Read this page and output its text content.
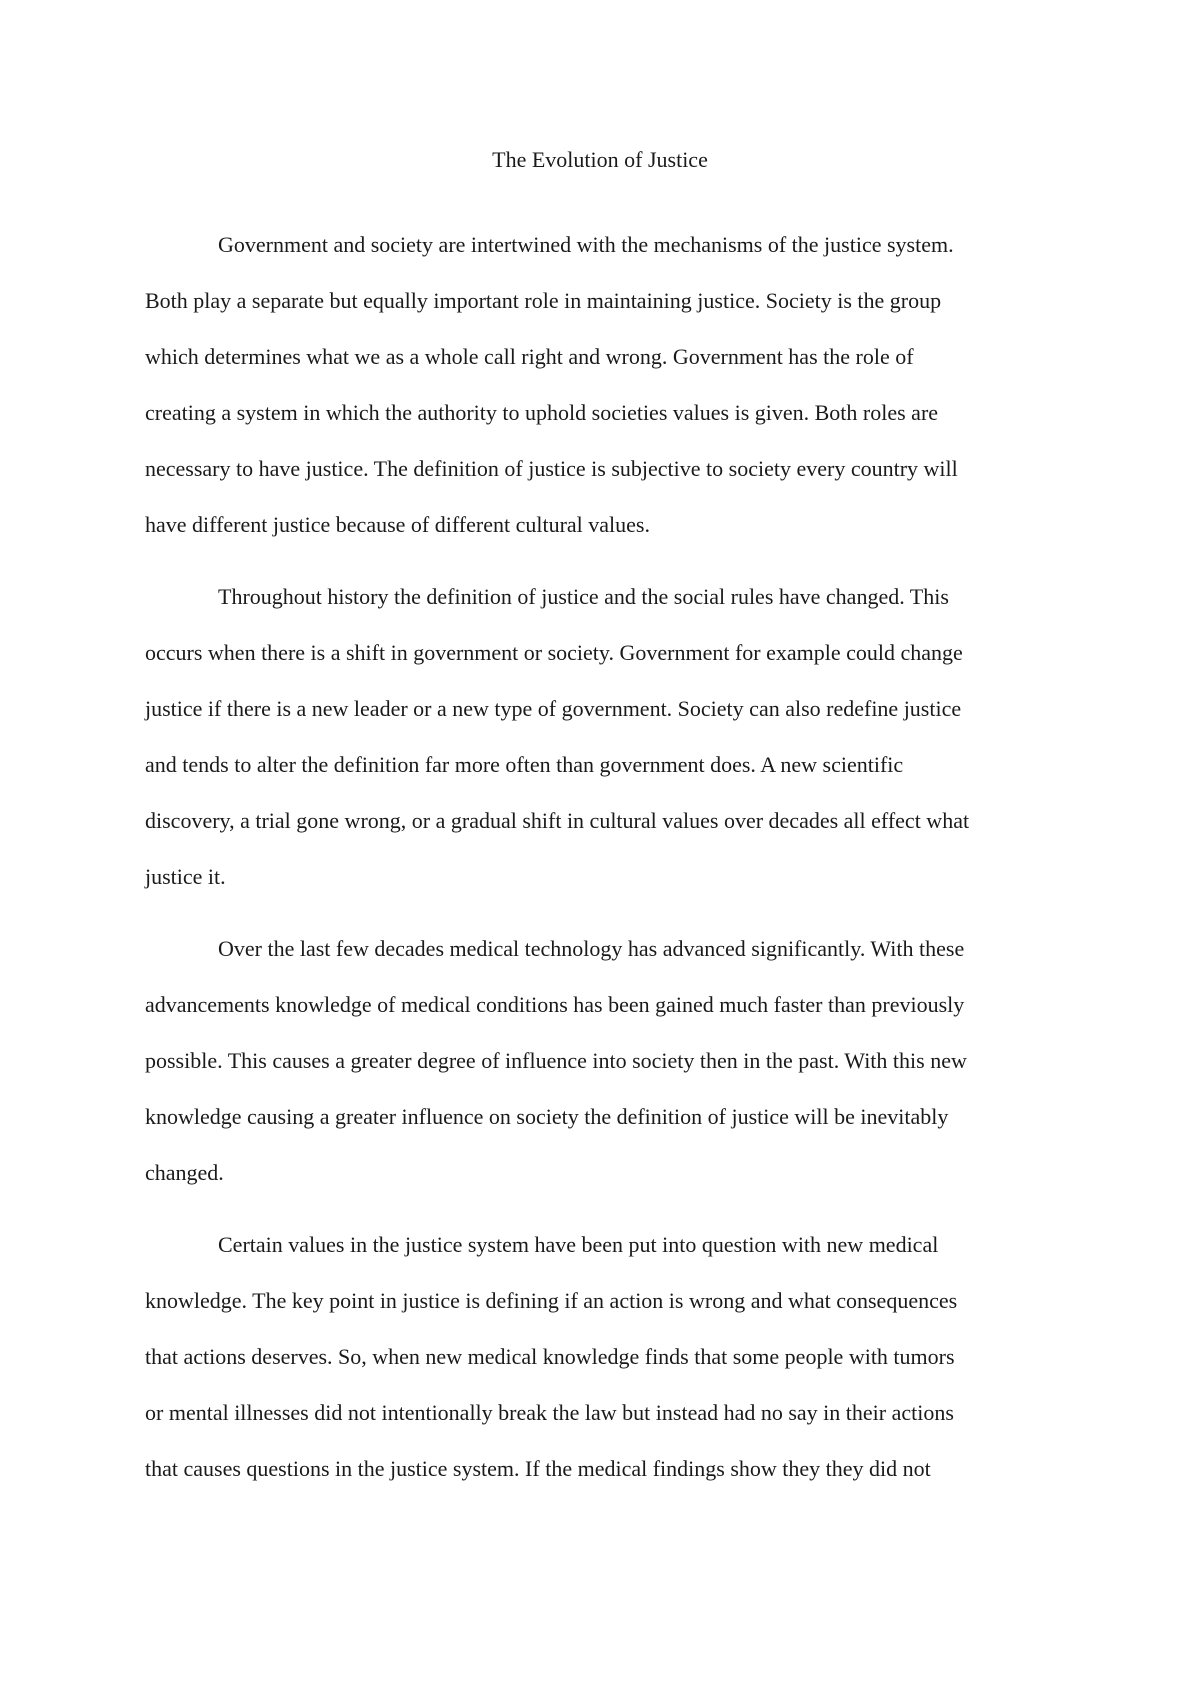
The Evolution of Justice

Government and society are intertwined with the mechanisms of the justice system.
Both play a separate but equally important role in maintaining justice. Society is the group
which determines what we as a whole call right and wrong. Government has the role of
creating a system in which the authority to uphold societies values is given. Both roles are
necessary to have justice. The definition of justice is subjective to society every country will
have different justice because of different cultural values.

Throughout history the definition of justice and the social rules have changed. This
occurs when there is a shift in government or society. Government for example could change
justice if there is a new leader or a new type of government. Society can also redefine justice
and tends to alter the definition far more often than government does. A new scientific
discovery, a trial gone wrong, or a gradual shift in cultural values over decades all effect what
justice it.

Over the last few decades medical technology has advanced significantly. With these
advancements knowledge of medical conditions has been gained much faster than previously
possible. This causes a greater degree of influence into society then in the past. With this new
knowledge causing a greater influence on society the definition of justice will be inevitably
changed.

Certain values in the justice system have been put into question with new medical
knowledge. The key point in justice is defining if an action is wrong and what consequences
that actions deserves. So, when new medical knowledge finds that some people with tumors
or mental illnesses did not intentionally break the law but instead had no say in their actions
that causes questions in the justice system. If the medical findings show they they did not
